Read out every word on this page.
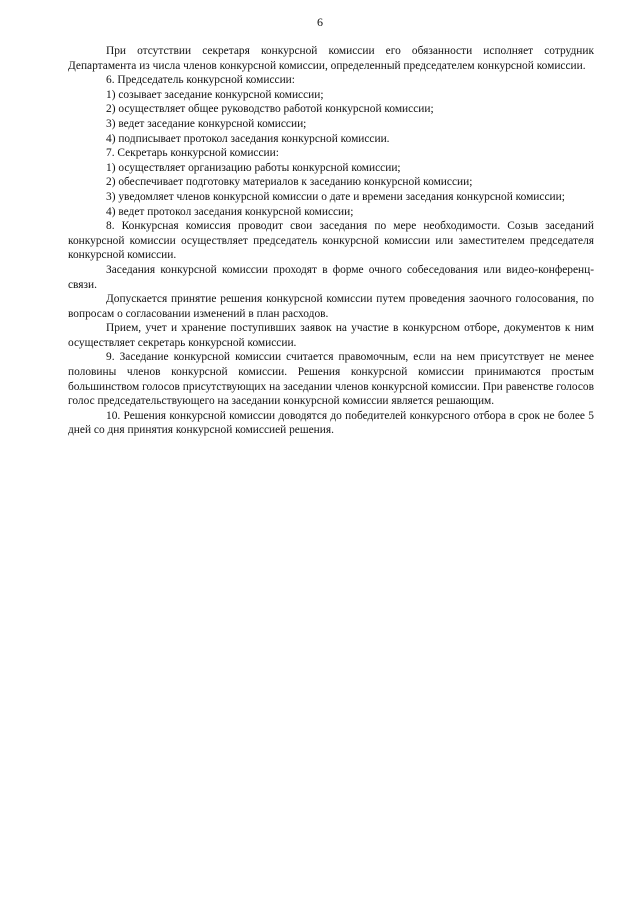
6

При отсутствии секретаря конкурсной комиссии его обязанности исполняет сотрудник Департамента из числа членов конкурсной комиссии, определенный председателем конкурсной комиссии.

6. Председатель конкурсной комиссии:

1) созывает заседание конкурсной комиссии;

2) осуществляет общее руководство работой конкурсной комиссии;

3) ведет заседание конкурсной комиссии;

4) подписывает протокол заседания конкурсной комиссии.

7. Секретарь конкурсной комиссии:

1) осуществляет организацию работы конкурсной комиссии;

2) обеспечивает подготовку материалов к заседанию конкурсной комиссии;

3) уведомляет членов конкурсной комиссии о дате и времени заседания конкурсной комиссии;

4) ведет протокол заседания конкурсной комиссии;

8. Конкурсная комиссия проводит свои заседания по мере необходимости. Созыв заседаний конкурсной комиссии осуществляет председатель конкурсной комиссии или заместителем председателя конкурсной комиссии.

Заседания конкурсной комиссии проходят в форме очного собеседования или видео-конференц-связи.

Допускается принятие решения конкурсной комиссии путем проведения заочного голосования, по вопросам о согласовании изменений в план расходов.

Прием, учет и хранение поступивших заявок на участие в конкурсном отборе, документов к ним осуществляет секретарь конкурсной комиссии.

9. Заседание конкурсной комиссии считается правомочным, если на нем присутствует не менее половины членов конкурсной комиссии. Решения конкурсной комиссии принимаются простым большинством голосов присутствующих на заседании членов конкурсной комиссии. При равенстве голосов голос председательствующего на заседании конкурсной комиссии является решающим.

10. Решения конкурсной комиссии доводятся до победителей конкурсного отбора в срок не более 5 дней со дня принятия конкурсной комиссией решения.
